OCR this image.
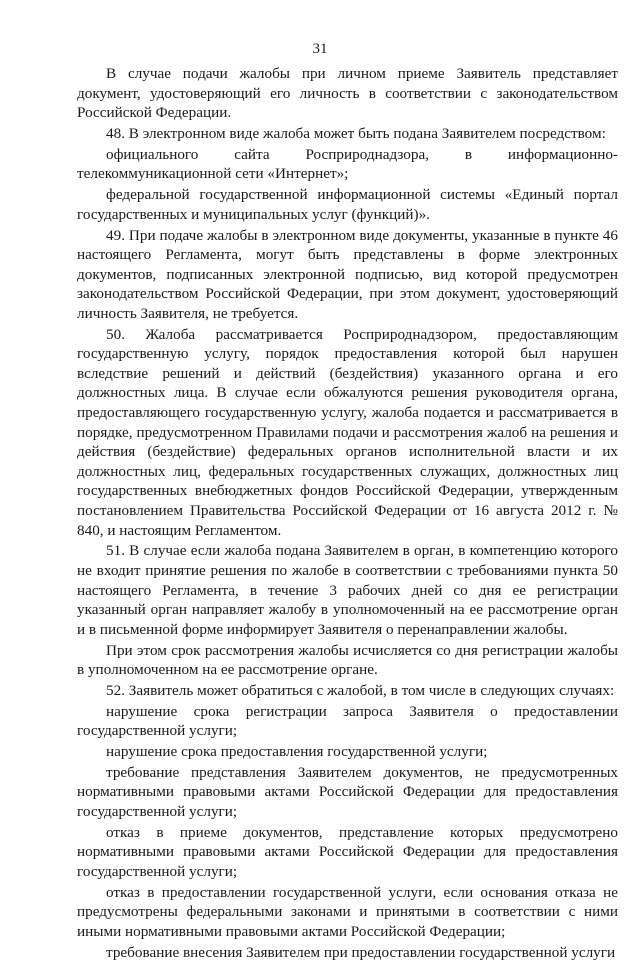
31

В случае подачи жалобы при личном приеме Заявитель представляет документ, удостоверяющий его личность в соответствии с законодательством Российской Федерации.

48. В электронном виде жалоба может быть подана Заявителем посредством:

официального сайта Росприроднадзора, в информационно-телекоммуникационной сети «Интернет»;

федеральной государственной информационной системы «Единый портал государственных и муниципальных услуг (функций)».

49. При подаче жалобы в электронном виде документы, указанные в пункте 46 настоящего Регламента, могут быть представлены в форме электронных документов, подписанных электронной подписью, вид которой предусмотрен законодательством Российской Федерации, при этом документ, удостоверяющий личность Заявителя, не требуется.

50. Жалоба рассматривается Росприроднадзором, предоставляющим государственную услугу, порядок предоставления которой был нарушен вследствие решений и действий (бездействия) указанного органа и его должностных лица. В случае если обжалуются решения руководителя органа, предоставляющего государственную услугу, жалоба подается и рассматривается в порядке, предусмотренном Правилами подачи и рассмотрения жалоб на решения и действия (бездействие) федеральных органов исполнительной власти и их должностных лиц, федеральных государственных служащих, должностных лиц государственных внебюджетных фондов Российской Федерации, утвержденным постановлением Правительства Российской Федерации от 16 августа 2012 г. № 840, и настоящим Регламентом.

51. В случае если жалоба подана Заявителем в орган, в компетенцию которого не входит принятие решения по жалобе в соответствии с требованиями пункта 50 настоящего Регламента, в течение 3 рабочих дней со дня ее регистрации указанный орган направляет жалобу в уполномоченный на ее рассмотрение орган и в письменной форме информирует Заявителя о перенаправлении жалобы.

При этом срок рассмотрения жалобы исчисляется со дня регистрации жалобы в уполномоченном на ее рассмотрение органе.

52. Заявитель может обратиться с жалобой, в том числе в следующих случаях:

нарушение срока регистрации запроса Заявителя о предоставлении государственной услуги;

нарушение срока предоставления государственной услуги;

требование представления Заявителем документов, не предусмотренных нормативными правовыми актами Российской Федерации для предоставления государственной услуги;

отказ в приеме документов, представление которых предусмотрено нормативными правовыми актами Российской Федерации для предоставления государственной услуги;

отказ в предоставлении государственной услуги, если основания отказа не предусмотрены федеральными законами и принятыми в соответствии с ними иными нормативными правовыми актами Российской Федерации;

требование внесения Заявителем при предоставлении государственной услуги
